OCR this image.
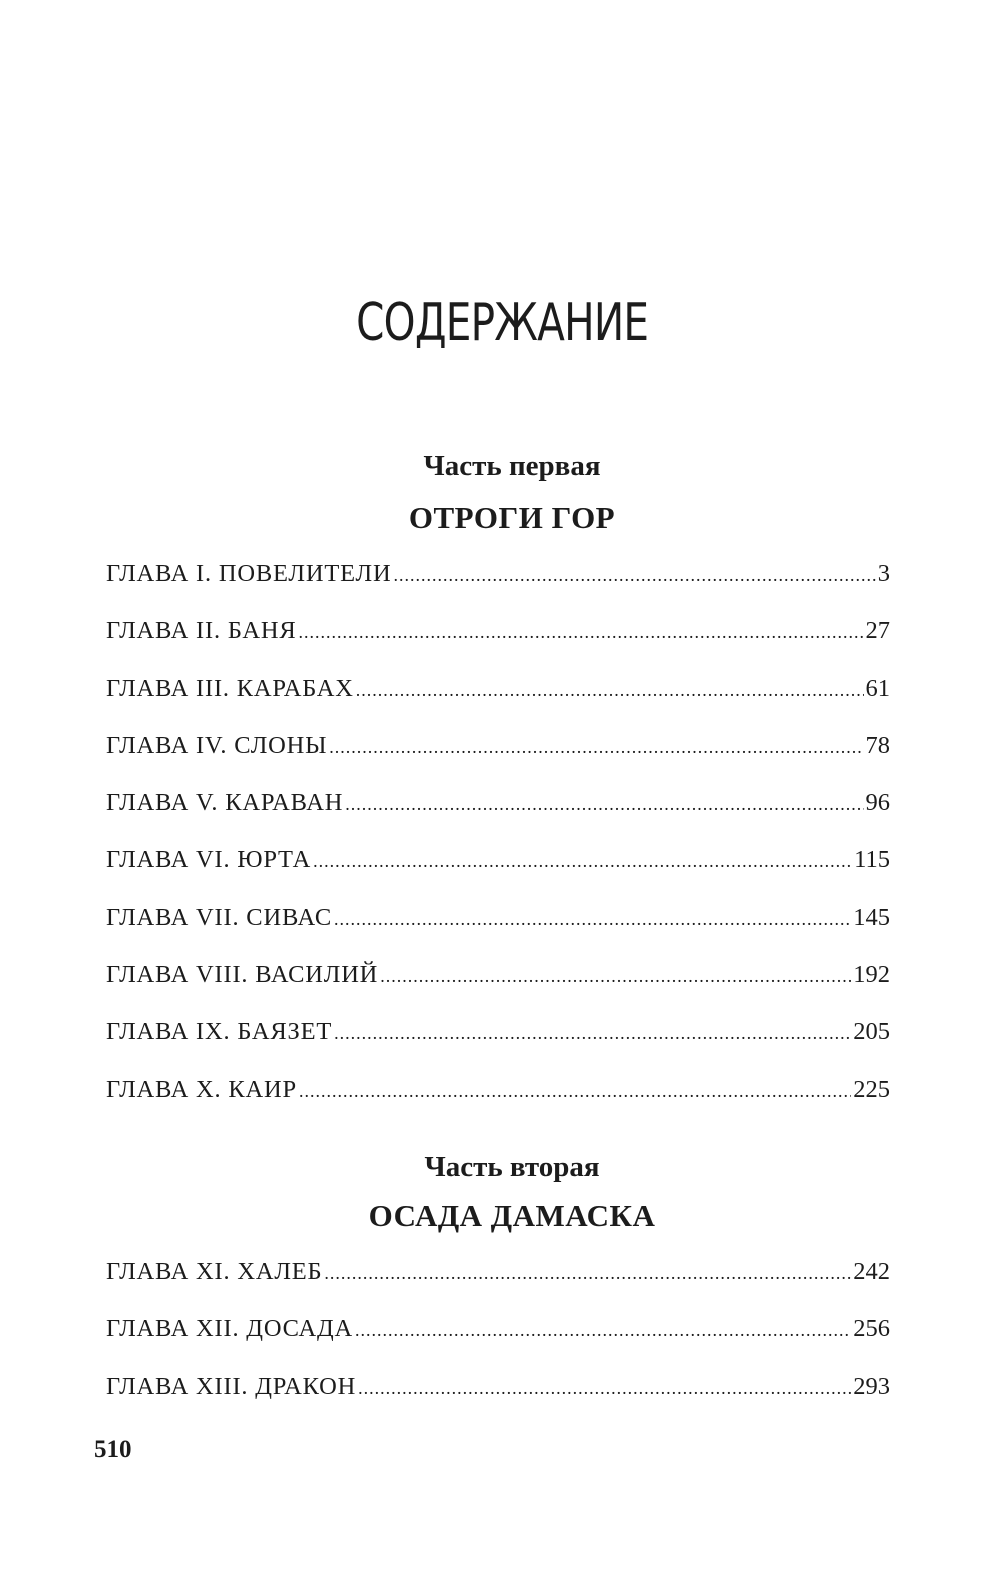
СОДЕРЖАНИЕ
Часть первая
ОТРОГИ ГОР
ГЛАВА I. ПОВЕЛИТЕЛИ .....	3
ГЛАВА II. БАНЯ .....	27
ГЛАВА III. КАРАБАХ .....	61
ГЛАВА IV. СЛОНЫ .....	78
ГЛАВА V. КАРАВАН .....	96
ГЛАВА VI. ЮРТА .....	115
ГЛАВА VII. СИВАС .....	145
ГЛАВА VIII. ВАСИЛИЙ .....	192
ГЛАВА IX. БАЯЗЕТ .....	205
ГЛАВА X. КАИР .....	225
Часть вторая
ОСАДА ДАМАСКА
ГЛАВА XI. ХАЛЕБ .....	242
ГЛАВА XII. ДОСАДА .....	256
ГЛАВА XIII. ДРАКОН .....	293
510
